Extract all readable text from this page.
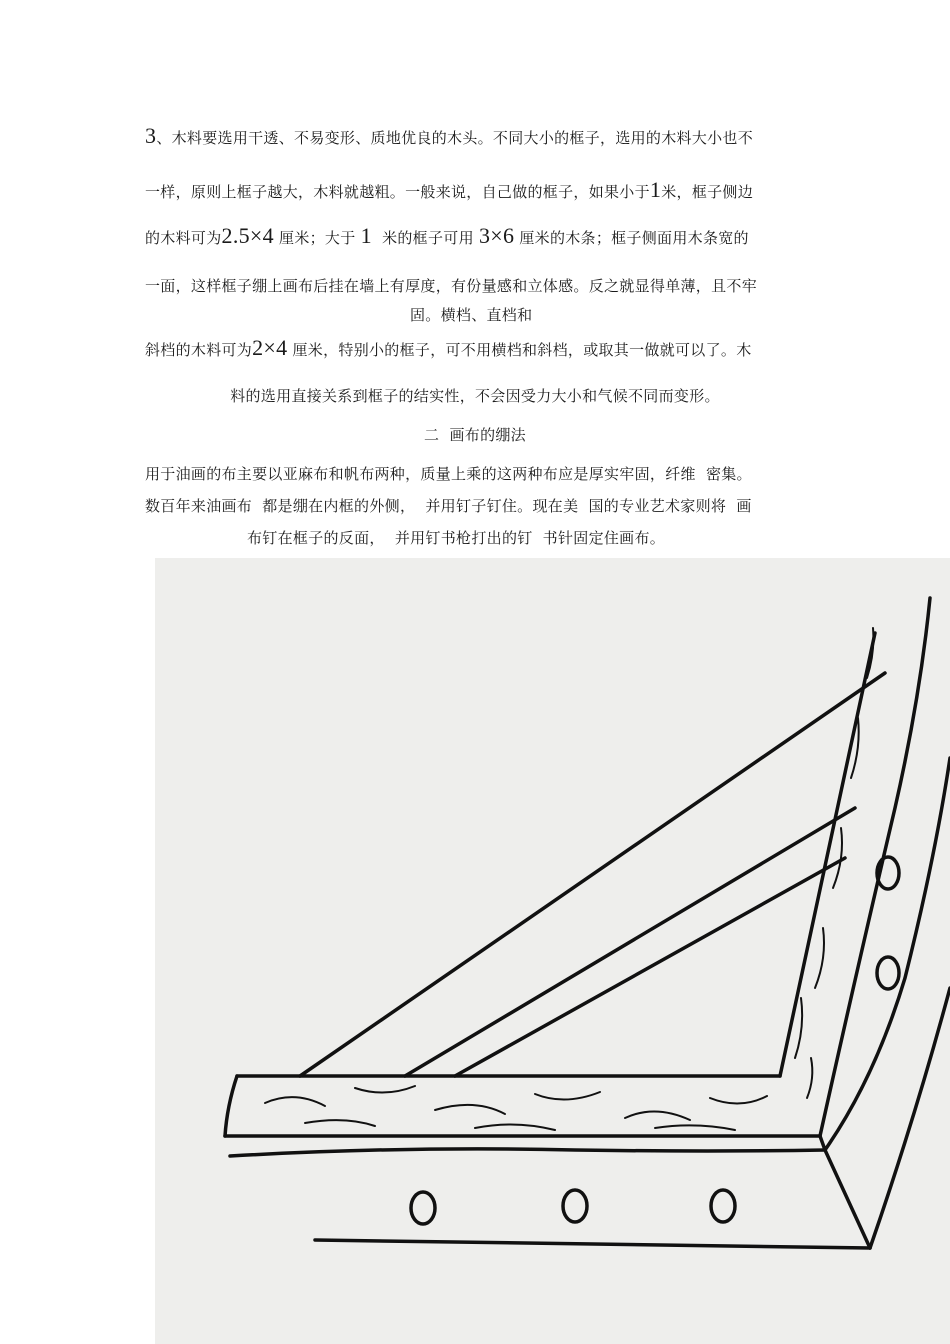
3、木料要选用干透、不易变形、质地优良的木头。不同大小的框子，选用的木料大小也不
一样，原则上框子越大，木料就越粗。一般来说，自己做的框子，如果小于1米，框子侧边
的木料可为2.5×4 厘米；大于 1 米的框子可用 3×6 厘米的木条；框子侧面用木条宽的
一面，这样框子绷上画布后挂在墙上有厚度，有份量感和立体感。反之就显得单薄，且不牢
固。横档、直档和
斜档的木料可为2×4 厘米，特别小的框子，可不用横档和斜档，或取其一做就可以了。木
料的选用直接关系到框子的结实性，不会因受力大小和气候不同而变形。
二  画布的绷法
用于油画的布主要以亚麻布和帆布两种，质量上乘的这两种布应是厚实牢固，纤维  密集。
数百年来油画布  都是绷在内框的外侧，  并用钉子钉住。现在美  国的专业艺术家则将  画
布钉在框子的反面，  并用钉书枪打出的钉  书针固定住画布。
